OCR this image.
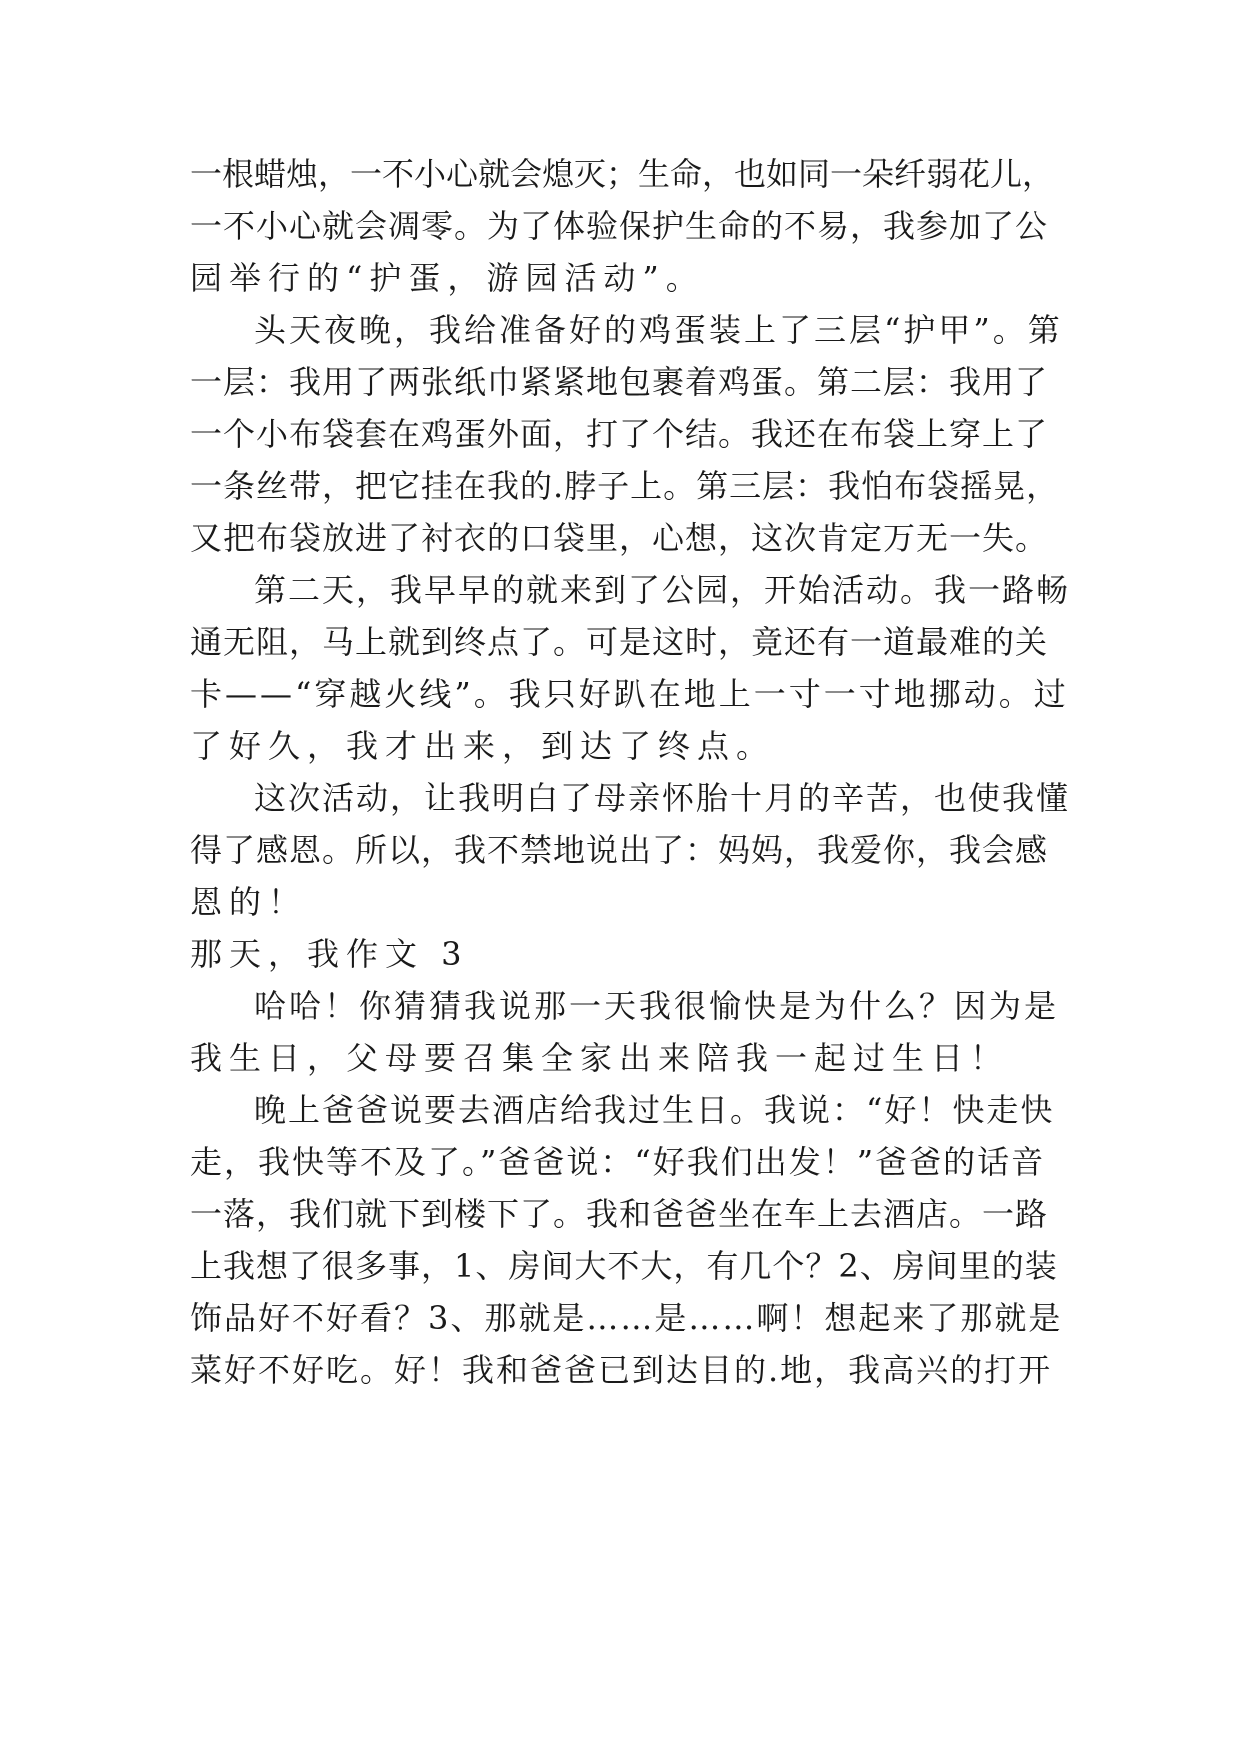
一根蜡烛，一不小心就会熄灭；生命，也如同一朵纤弱花儿，
一不小心就会凋零。为了体验保护生命的不易，我参加了公
园举行的“护蛋，游园活动”。
头天夜晚，我给准备好的鸡蛋装上了三层“护甲”。第
一层：我用了两张纸巾紧紧地包裹着鸡蛋。第二层：我用了
一个小布袋套在鸡蛋外面，打了个结。我还在布袋上穿上了
一条丝带，把它挂在我的.脖子上。第三层：我怕布袋摇晃，
又把布袋放进了衬衣的口袋里，心想，这次肯定万无一失。
第二天，我早早的就来到了公园，开始活动。我一路畅
通无阻，马上就到终点了。可是这时，竟还有一道最难的关
卡——“穿越火线”。我只好趴在地上一寸一寸地挪动。过
了好久，我才出来，到达了终点。
这次活动，让我明白了母亲怀胎十月的辛苦，也使我懂
得了感恩。所以，我不禁地说出了：妈妈，我爱你，我会感
恩的！
那天，我作文 3
哈哈！你猜猜我说那一天我很愉快是为什么？因为是
我生日，父母要召集全家出来陪我一起过生日！
晚上爸爸说要去酒店给我过生日。我说：“好！快走快
走，我快等不及了。”爸爸说：“好我们出发！”爸爸的话音
一落，我们就下到楼下了。我和爸爸坐在车上去酒店。一路
上我想了很多事，1、房间大不大，有几个？2、房间里的装
饰品好不好看？3、那就是……是……啊！想起来了那就是
菜好不好吃。好！我和爸爸已到达目的.地，我高兴的打开
